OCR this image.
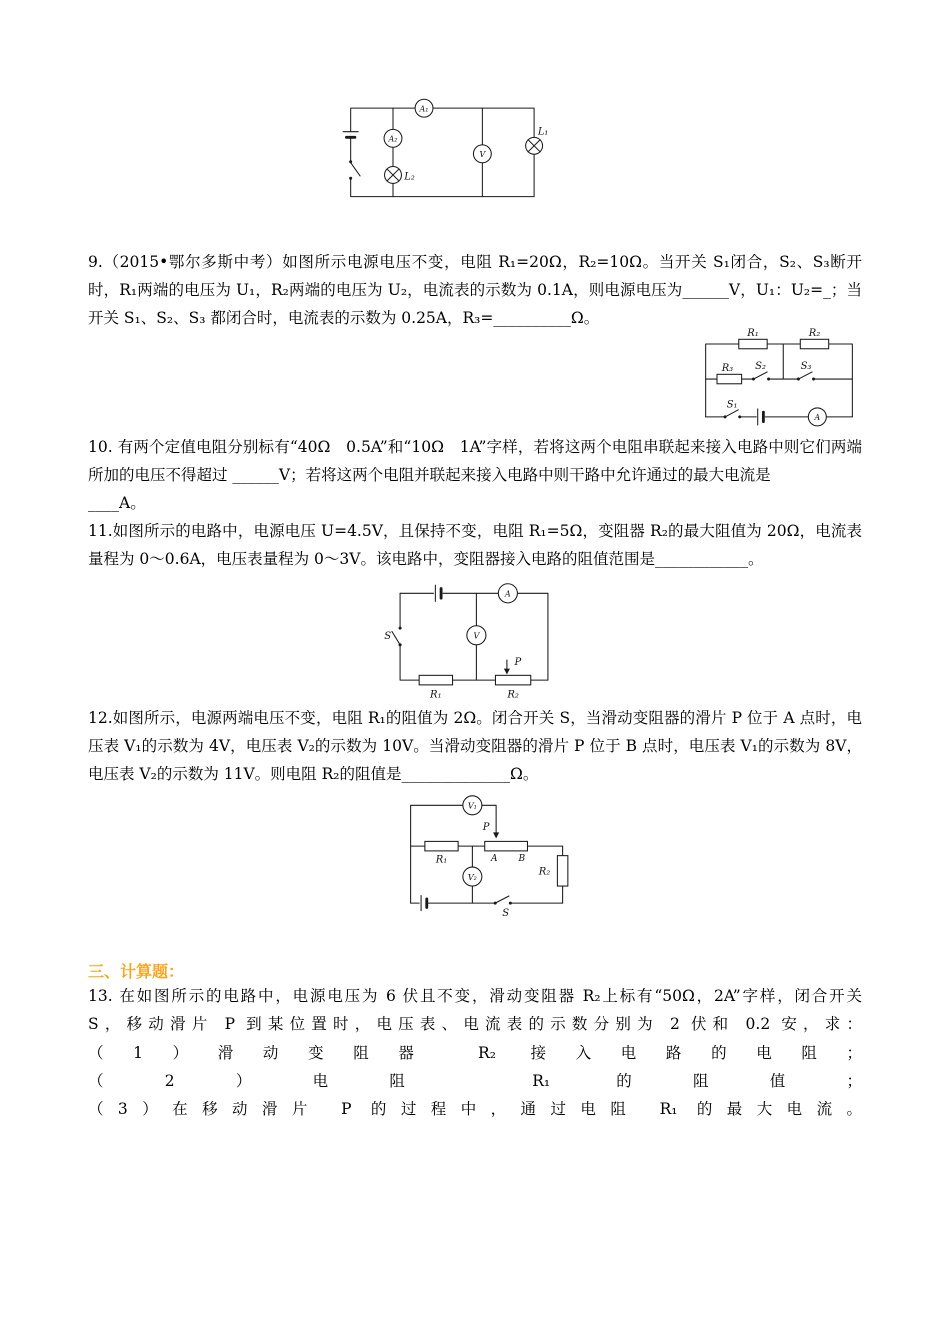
A₁
A₂
V
L₁
L₂

9.（2015•鄂尔多斯中考）如图所示电源电压不变，电阻 R₁=20Ω，R₂=10Ω。当开关 S₁闭合，S₂、S₃断开时，R₁两端的电压为 U₁，R₂两端的电压为 U₂，电流表的示数为 0.1A，则电源电压为______V，U₁：U₂=_；当开关 S₁、S₂、S₃ 都闭合时，电流表的示数为 0.25A，R₃=__________Ω。

R₁	R₂
R₃ S₂	S₃
S₁
A

10. 有两个定值电阻分别标有“40Ω　0.5A”和“10Ω　1A”字样，若将这两个电阻串联起来接入电路中则它们两端所加的电压不得超过 ______V；若将这两个电阻并联起来接入电路中则干路中允许通过的最大电流是

____A。

11.如图所示的电路中，电源电压 U=4.5V，且保持不变，电阻 R₁=5Ω，变阻器 R₂的最大阻值为 20Ω，电流表量程为 0～0.6A，电压表量程为 0～3V。该电路中，变阻器接入电路的阻值范围是____________。

A
S	V
R₁
P
R₂

12.如图所示，电源两端电压不变，电阻 R₁的阻值为 2Ω。闭合开关 S，当滑动变阻器的滑片 P 位于 A 点时，电压表 V₁的示数为 4V，电压表 V₂的示数为 10V。当滑动变阻器的滑片 P 位于 B 点时，电压表 V₁的示数为 8V，电压表 V₂的示数为 11V。则电阻 R₂的阻值是______________Ω。

V₁
P
R₁	A B
V₂	R₂
S
三、计算题：

13. 在如图所示的电路中，电源电压为 6 伏且不变，滑动变阻器 R₂上标有“50Ω，2A”字样，闭合开关

S，移动滑片 P 到某位置时，电压表、电流表的示数分别为 2 伏和 0.2 安，求：

（1）滑动变阻器 R₂ 接入电路的电阻；

（2）电阻 R₁ 的阻值；

（3）在移动滑片 P 的过程中，通过电阻 R₁ 的最大电流。
